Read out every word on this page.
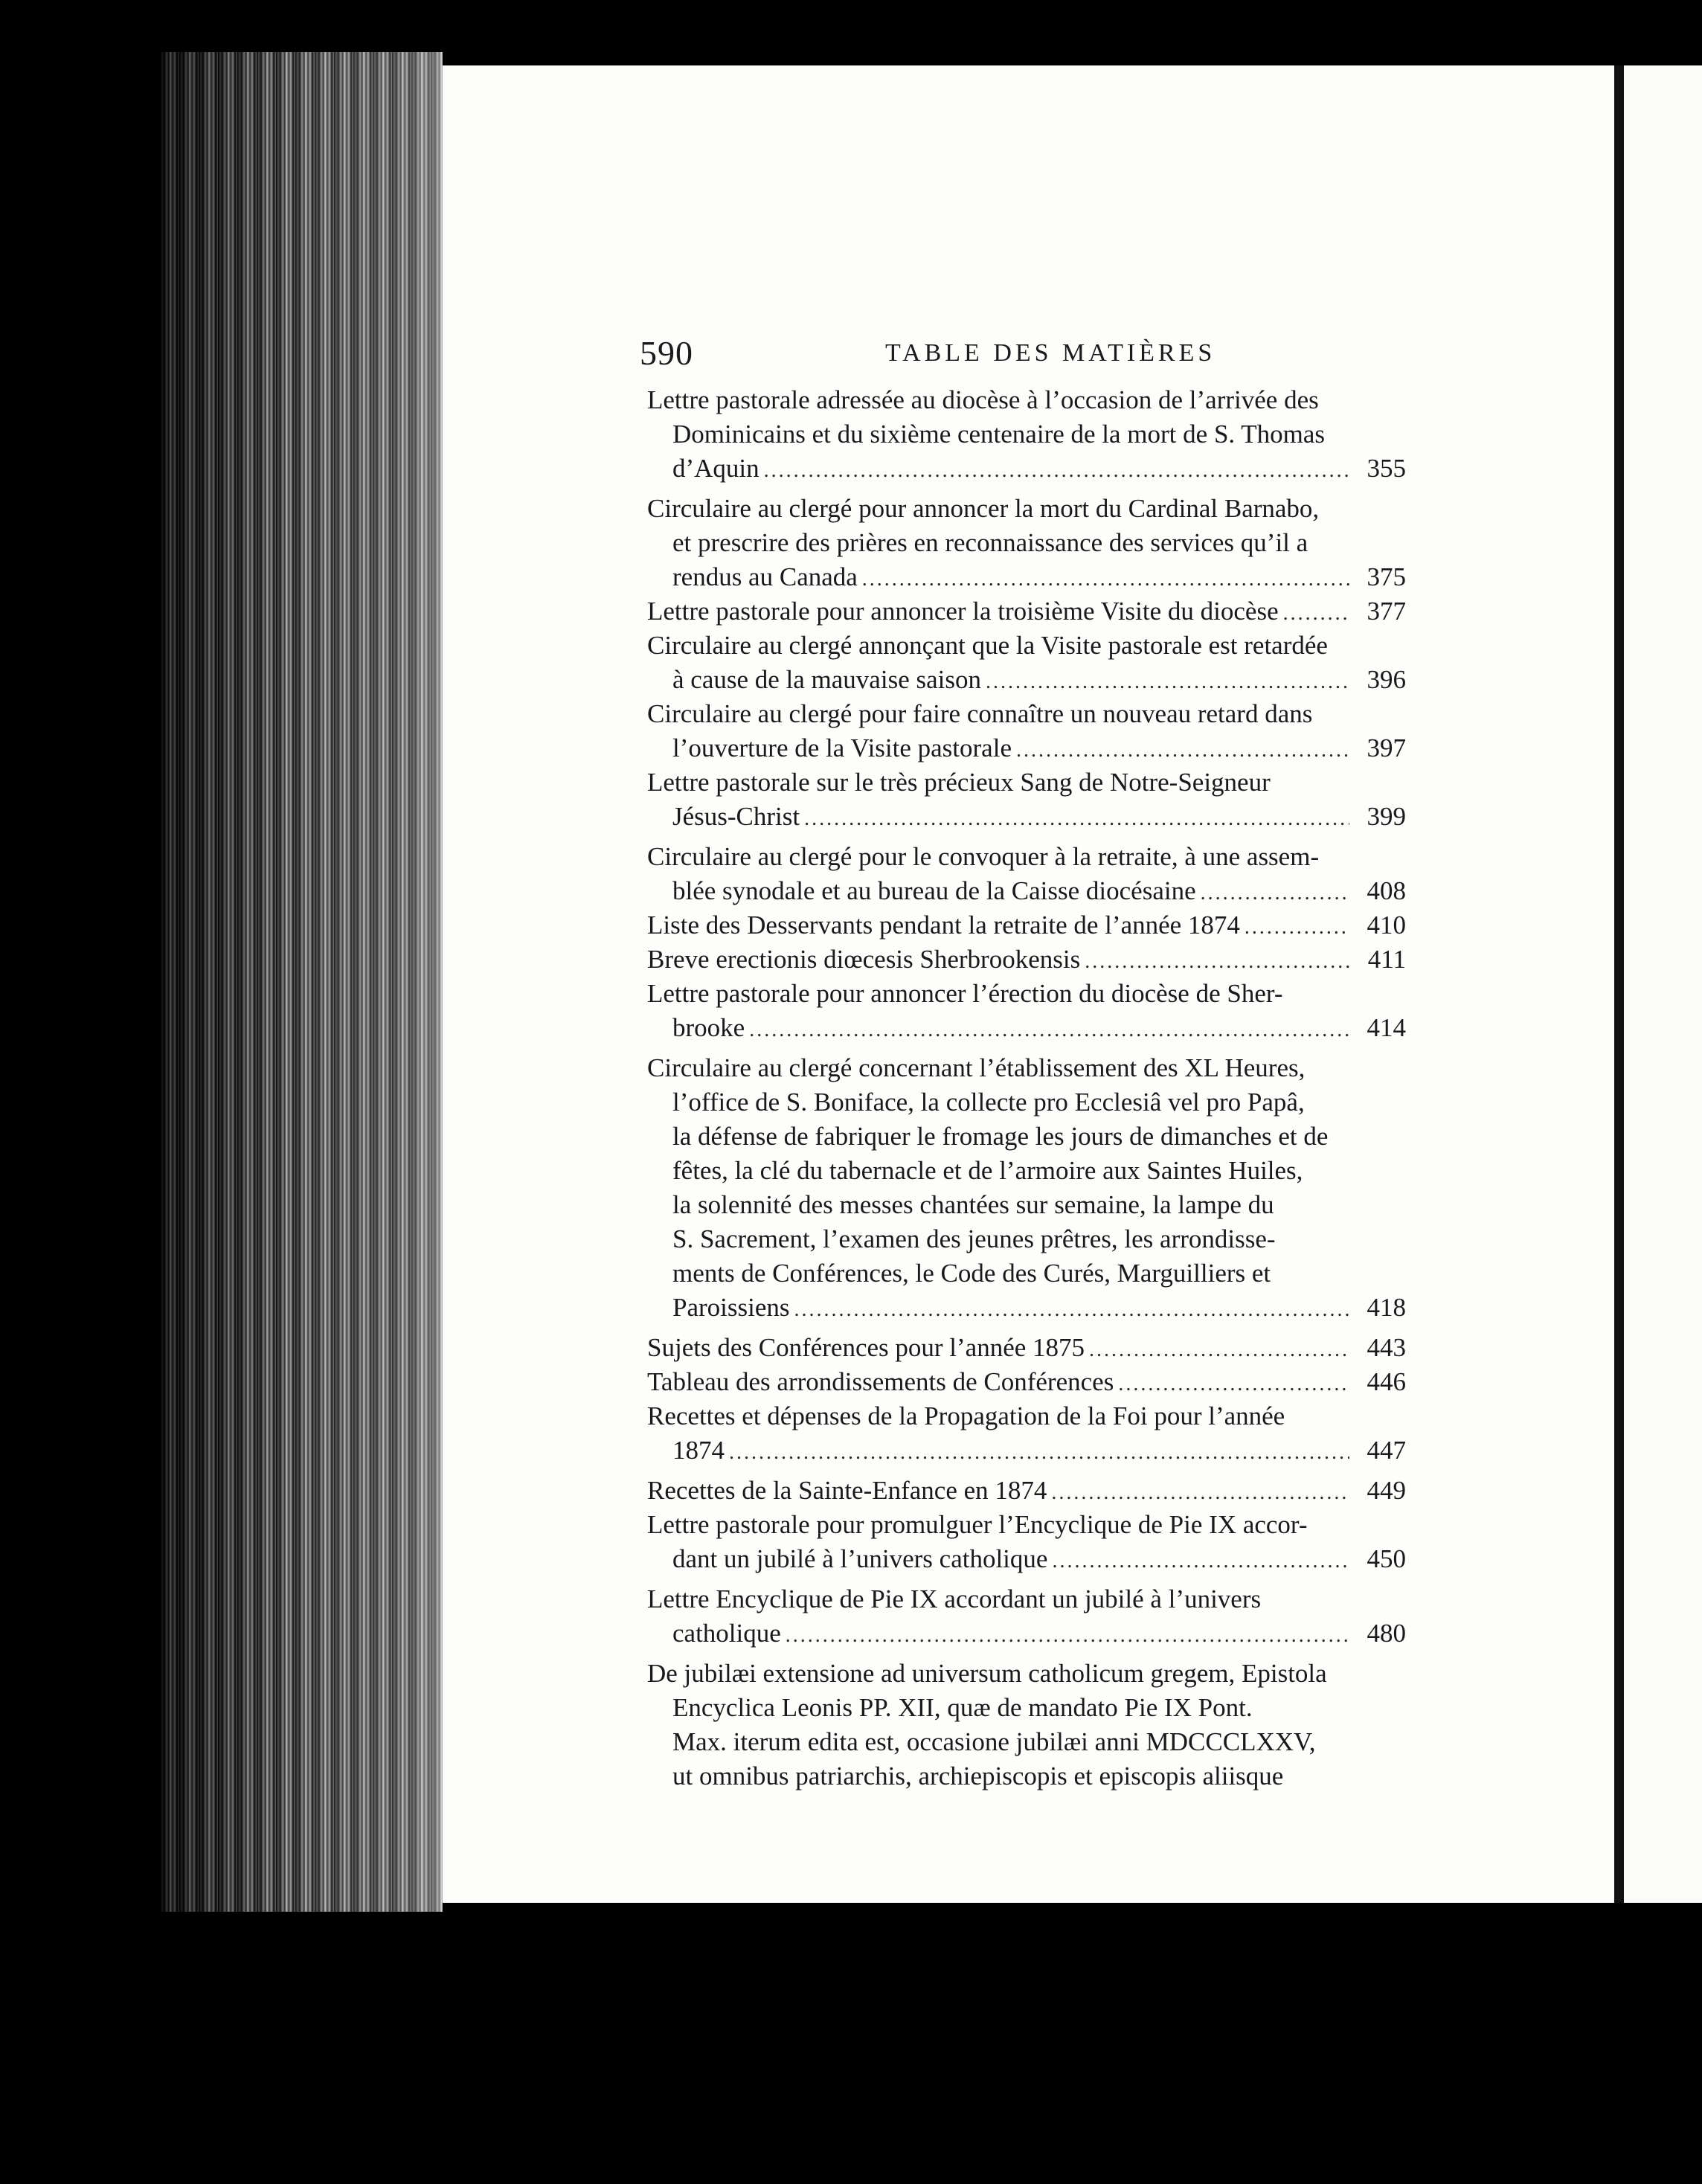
590	TABLE DES MATIÈRES
Lettre pastorale adressée au diocèse à l’occasion de l’arrivée des
Dominicains et du sixième centenaire de la mort de S. Thomas
d’Aquin .....	355
Circulaire au clergé pour annoncer la mort du Cardinal Barnabo,
et prescrire des prières en reconnaissance des services qu’il a
rendus au Canada .....	375
Lettre pastorale pour annoncer la troisième Visite du diocèse .....	377
Circulaire au clergé annonçant que la Visite pastorale est retardée
à cause de la mauvaise saison .....	396
Circulaire au clergé pour faire connaître un nouveau retard dans
l’ouverture de la Visite pastorale .....	397
Lettre pastorale sur le très précieux Sang de Notre-Seigneur
Jésus-Christ .....	399
Circulaire au clergé pour le convoquer à la retraite, à une assem-
blée synodale et au bureau de la Caisse diocésaine .....	408
Liste des Desservants pendant la retraite de l’année 1874 .....	410
Breve erectionis diœcesis Sherbrookensis .....	411
Lettre pastorale pour annoncer l’érection du diocèse de Sher-
brooke .....	414
Circulaire au clergé concernant l’établissement des XL Heures,
l’office de S. Boniface, la collecte pro Ecclesiâ vel pro Papâ,
la défense de fabriquer le fromage les jours de dimanches et de
fêtes, la clé du tabernacle et de l’armoire aux Saintes Huiles,
la solennité des messes chantées sur semaine, la lampe du
S. Sacrement, l’examen des jeunes prêtres, les arrondisse-
ments de Conférences, le Code des Curés, Marguilliers et
Paroissiens .....	418
Sujets des Conférences pour l’année 1875 .....	443
Tableau des arrondissements de Conférences .....	446
Recettes et dépenses de la Propagation de la Foi pour l’année
1874 .....	447
Recettes de la Sainte-Enfance en 1874 .....	449
Lettre pastorale pour promulguer l’Encyclique de Pie IX accor-
dant un jubilé à l’univers catholique .....	450
Lettre Encyclique de Pie IX accordant un jubilé à l’univers
catholique .....	480
De jubilæi extensione ad universum catholicum gregem, Epistola
Encyclica Leonis PP. XII, quæ de mandato Pie IX Pont.
Max. iterum edita est, occasione jubilæi anni MDCCCLXXV,
ut omnibus patriarchis, archiepiscopis et episcopis aliisque
